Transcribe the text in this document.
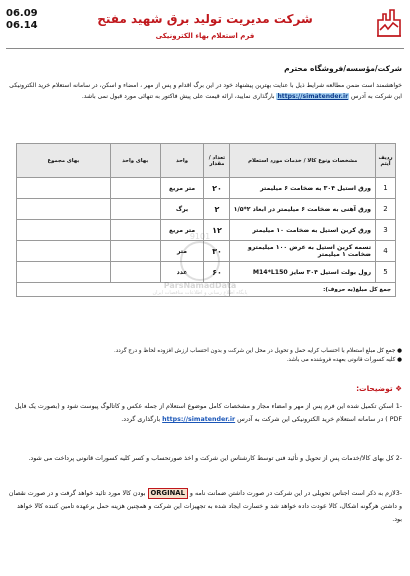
شرکت مدیریت تولید برق شهید مفتح
فرم استعلام بهاء الکترونیکی
06.09
06.14
شرکت/مؤسسه/فروشگاه محترم
خواهشمند است ضمن مطالعه شرایط ذیل با عنایت بهترین پیشنهاد خود در این برگ اقدام و پس از مهر ، امضاء و اسکن، در سامانه استعلام خرید الکترونیکی این شرکت به آدرس https://simatender.ir بارگذاری نمایید، ارائه قیمت علی پیش فاکتور به تنهائی مورد قبول نمی باشد.
ردیف آیتم	مشخصات ونوع کالا / خدمات مورد استعلام	تعداد / مقدار	واحد	بهای واحد	بهای مجموع
1	ورق استیل ۳۰۴ به ضخامت ۶ میلیمتر	۲۰	متر مربع		
2	ورق آهنی به ضخامت ۶ میلیمتر در ابعاد ۲*۱/۵	۲	برگ		
3	ورق کربن استیل به ضخامت ۱۰ میلیمتر	۱۲	متر مربع		
4	تسمه کربن استیل به عرض ۱۰۰ میلیمترو ضخامت ۱ میلیمتر	۳۰	متر		
5	رول بولت استیل ۳۰۴ سایز M14*L150	۶۰	عدد		
جمع کل مبلغ(به حروف):					
9101
ParsNamadData
پایگاه اطلاع رسانی و اطلاعات مناقصات ایران
● جمع کل مبلغ استعلام با احتساب کرایه حمل و تحویل در محل این شرکت و بدون احتساب ارزش افزوده لحاظ و درج گردد.
● کلیه کسورات قانونی بعهده فروشنده می باشد.
❖ توضیحات:
-1 اسکن تکمیل شده این فرم پس از مهر و امضاء مجاز و مشخصات کامل موضوع استعلام از جمله عکس و کاتالوگ پیوست شود و (بصورت یک فایل PDF ) در سامانه استعلام خرید الکترونیکی این شرکت به آدرس https://simatender.ir بارگذاری گردد.
-2 کل بهای کالا/خدمات پس از تحویل و تأئید فنی توسط کارشناس این شرکت و اخذ صورتحساب و کسر کلیه کسورات قانونی پرداخت می شود.
-3لازم به ذکر است اجناس تحویلی در این شرکت در صورت داشتن ضمانت نامه و ORGINAL بودن کالا مورد تائید خواهد گرفت و در صورت نقصان و داشتن هرگونه اشکال، کالا عودت داده خواهد شد و خسارت ایجاد شده به تجهیزات این شرکت و همچنین هزینه حمل برعهده تامین کننده کالا خواهد بود.
